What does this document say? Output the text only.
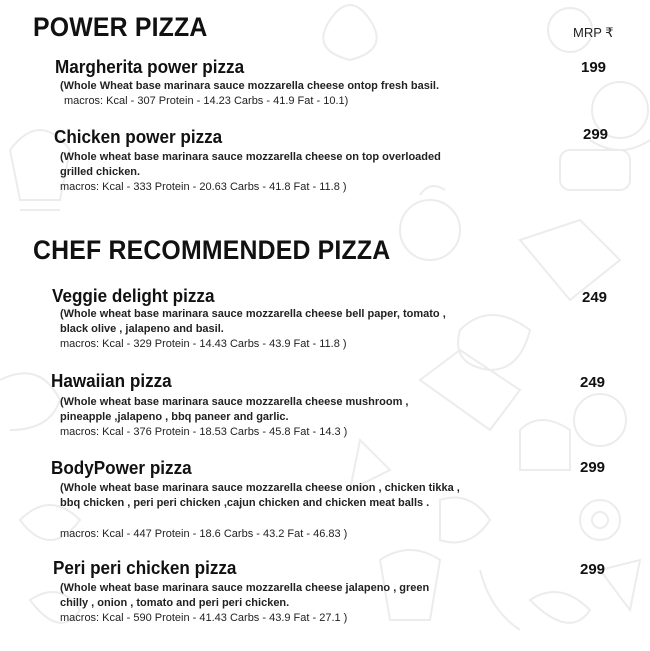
POWER PIZZA	MRP ₹
Margherita power pizza	199
(Whole Wheat base marinara sauce mozzarella cheese ontop fresh basil.
macros: Kcal - 307 Protein - 14.23 Carbs - 41.9 Fat - 10.1)
Chicken power pizza	299
(Whole wheat base marinara sauce mozzarella cheese on top overloaded grilled chicken.
macros: Kcal - 333 Protein - 20.63 Carbs - 41.8 Fat - 11.8 )
CHEF RECOMMENDED PIZZA
Veggie delight pizza	249
(Whole wheat base marinara sauce mozzarella cheese bell paper, tomato , black olive , jalapeno and basil.
macros: Kcal - 329 Protein - 14.43 Carbs - 43.9 Fat - 11.8 )
Hawaiian pizza	249
(Whole wheat base marinara sauce mozzarella cheese mushroom , pineapple ,jalapeno , bbq paneer and garlic.
macros: Kcal - 376 Protein - 18.53 Carbs - 45.8 Fat - 14.3 )
BodyPower pizza	299
(Whole wheat base marinara sauce mozzarella cheese onion , chicken tikka , bbq chicken , peri peri chicken ,cajun chicken and chicken meat balls .
macros: Kcal - 447 Protein - 18.6 Carbs - 43.2 Fat - 46.83 )
Peri peri chicken pizza	299
(Whole wheat base marinara sauce mozzarella cheese jalapeno , green chilly , onion , tomato and peri peri chicken.
macros: Kcal - 590 Protein - 41.43 Carbs - 43.9 Fat - 27.1 )
